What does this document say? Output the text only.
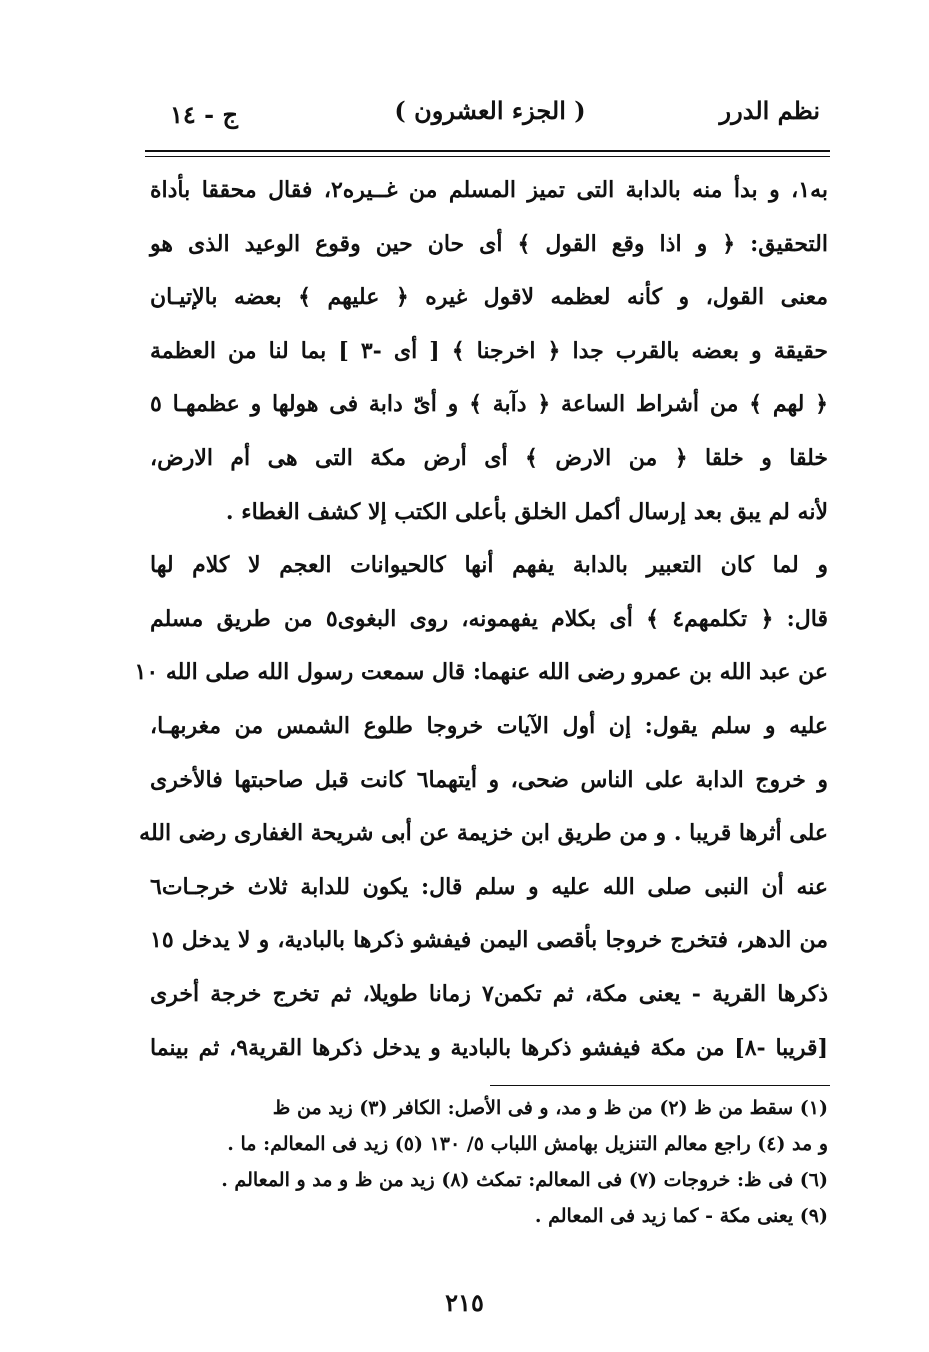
نظم الدرر
( الجزء العشرون )
ج - ١٤
به١، و بدأ منه بالدابة التى تميز المسلم من غــيره٢، فقال محققا بأداة
التحقيق: ﴿ و اذا وقع القول ﴾ أى حان حين وقوع الوعيد الذى هو
معنى القول، و كأنه لعظمه لاقول غيره ﴿ عليهم ﴾ بعضه بالإتيـان
حقيقة و بعضه بالقرب جدا ﴿ اخرجنا ﴾ [ أى -٣ ] بما لنا من العظمة
﴿ لهم ﴾ من أشراط الساعة ﴿ دآبة ﴾ و أىّ دابة فى هولها و عظمهـا ٥
خلقا و خلقا ﴿ من الارض ﴾ أى أرض مكة التى هى أم الارض،
لأنه لم يبق بعد إرسال أكمل الخلق بأعلى الكتب إلا كشف الغطاء .
و لما كان التعبير بالدابة يفهم أنها كالحيوانات العجم لا كلام لها
قال: ﴿ تكلمهم٤ ﴾ أى بكلام يفهمونه، روى البغوى٥ من طريق مسلم
عن عبد الله بن عمرو رضى الله عنهما: قال سمعت رسول الله صلى الله ١٠
عليه و سلم يقول: إن أول الآيات خروجا طلوع الشمس من مغربهـا،
و خروج الدابة على الناس ضحى، و أيتهما٦ كانت قبل صاحبتها فالأخرى
على أثرها قريبا . و من طريق ابن خزيمة عن أبى شريحة الغفارى رضى الله
عنه أن النبى صلى الله عليه و سلم قال: يكون للدابة ثلاث خرجـات٦
من الدهر، فتخرج خروجا بأقصى اليمن فيفشو ذكرها بالبادية، و لا يدخل ١٥
ذكرها القرية - يعنى مكة، ثم تكمن٧ زمانا طويلا، ثم تخرج خرجة أخرى
[قريبا -٨] من مكة فيفشو ذكرها بالبادية و يدخل ذكرها القرية٩، ثم بينما
(١) سقط من ظ (٢) من ظ و مد، و فى الأصل: الكافر (٣) زيد من ظ
و مد (٤) راجع معالم التنزيل بهامش اللباب ٥/ ١٣٠ (٥) زيد فى المعالم: ما .
(٦) فى ظ: خروجات (٧) فى المعالم: تمكث (٨) زيد من ظ و مد و المعالم .
(٩) يعنى مكة - كما زيد فى المعالم .
٢١٥
